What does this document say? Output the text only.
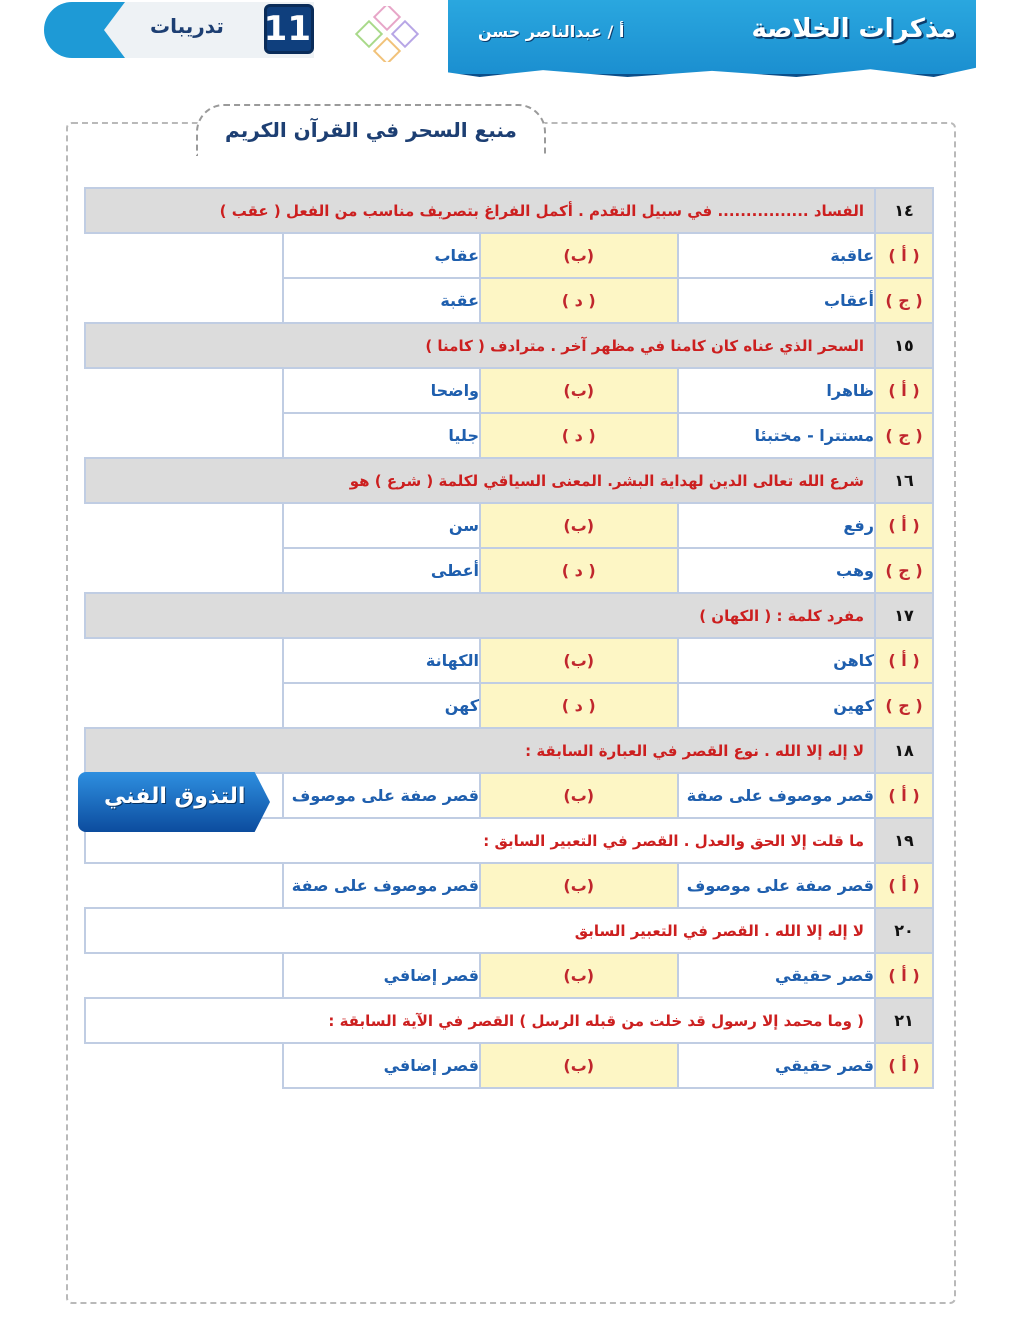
مذكرات الخلاصة
أ / عبدالناصر حسن
تدريبات 11
منبع السحر في القرآن الكريم
١٤	الفساد ................ في سبيل التقدم . أكمل الفراغ بتصريف مناسب من الفعل ( عقب )		
( أ )	عاقبة	(ب)	عقاب
( ج )	أعقاب	( د )	عقبة
١٥	السحر الذي عناه كان كامنا في مظهر آخر . مترادف ( كامنا )		
( أ )	ظاهرا	(ب)	واضحا
( ج )	مستترا - مختبئا	( د )	جليا
١٦	شرع الله تعالى الدين لهداية البشر. المعنى السياقي لكلمة ( شرع ) هو		
( أ )	رفع	(ب)	سن
( ج )	وهب	( د )	أعطى
١٧	مفرد كلمة : ( الكهان )		
( أ )	كاهن	(ب)	الكهانة
( ج )	كهين	( د )	كهن
١٨	لا إله إلا الله . نوع القصر في العبارة السابقة :		
( أ )	قصر موصوف على صفة	(ب)	قصر صفة على موصوف
١٩	ما قلت إلا الحق والعدل . القصر في التعبير السابق :		
( أ )	قصر صفة على موصوف	(ب)	قصر موصوف على صفة
٢٠	لا إله إلا الله . القصر في التعبير السابق		
( أ )	قصر حقيقي	(ب)	قصر إضافي
٢١	( وما محمد إلا رسول قد خلت من قبله الرسل ) القصر في الآية السابقة :		
( أ )	قصر حقيقي	(ب)	قصر إضافي
التذوق الفني
